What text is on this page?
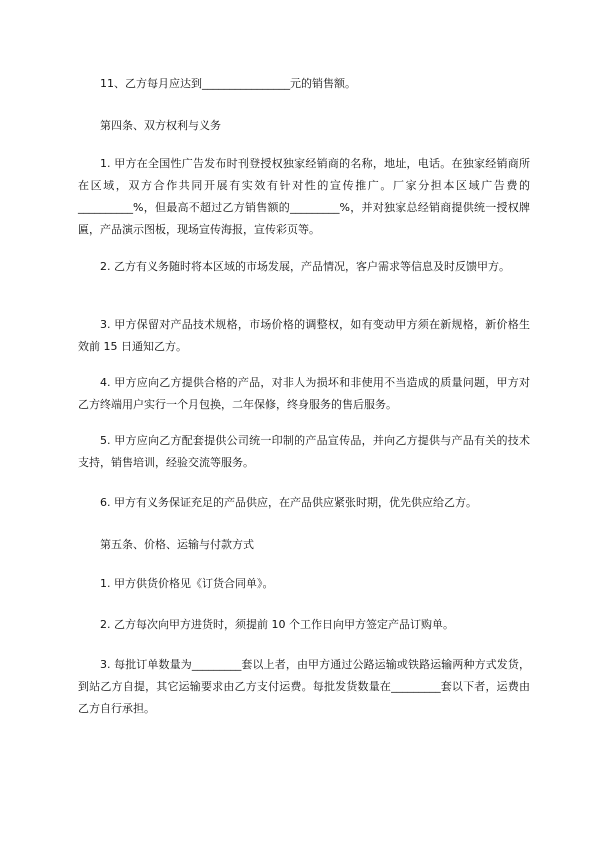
11、乙方每月应达到________________元的销售额。

第四条、双方权利与义务

1. 甲方在全国性广告发布时刊登授权独家经销商的名称，地址，电话。在独家经销商所在区域，双方合作共同开展有实效有针对性的宣传推广。厂家分担本区域广告费的__________%，但最高不超过乙方销售额的_________%，并对独家总经销商提供统一授权牌匾，产品演示图板，现场宣传海报，宣传彩页等。

2. 乙方有义务随时将本区域的市场发展，产品情况，客户需求等信息及时反馈甲方。

3. 甲方保留对产品技术规格，市场价格的调整权，如有变动甲方须在新规格，新价格生效前 15 日通知乙方。

4. 甲方应向乙方提供合格的产品，对非人为损坏和非使用不当造成的质量问题，甲方对乙方终端用户实行一个月包换，二年保修，终身服务的售后服务。

5. 甲方应向乙方配套提供公司统一印制的产品宣传品，并向乙方提供与产品有关的技术支持，销售培训，经验交流等服务。

6. 甲方有义务保证充足的产品供应，在产品供应紧张时期，优先供应给乙方。

第五条、价格、运输与付款方式

1. 甲方供货价格见《订货合同单》。

2. 乙方每次向甲方进货时，须提前 10 个工作日向甲方签定产品订购单。

3. 每批订单数量为_________套以上者，由甲方通过公路运输或铁路运输两种方式发货，到站乙方自提，其它运输要求由乙方支付运费。每批发货数量在_________套以下者，运费由乙方自行承担。
